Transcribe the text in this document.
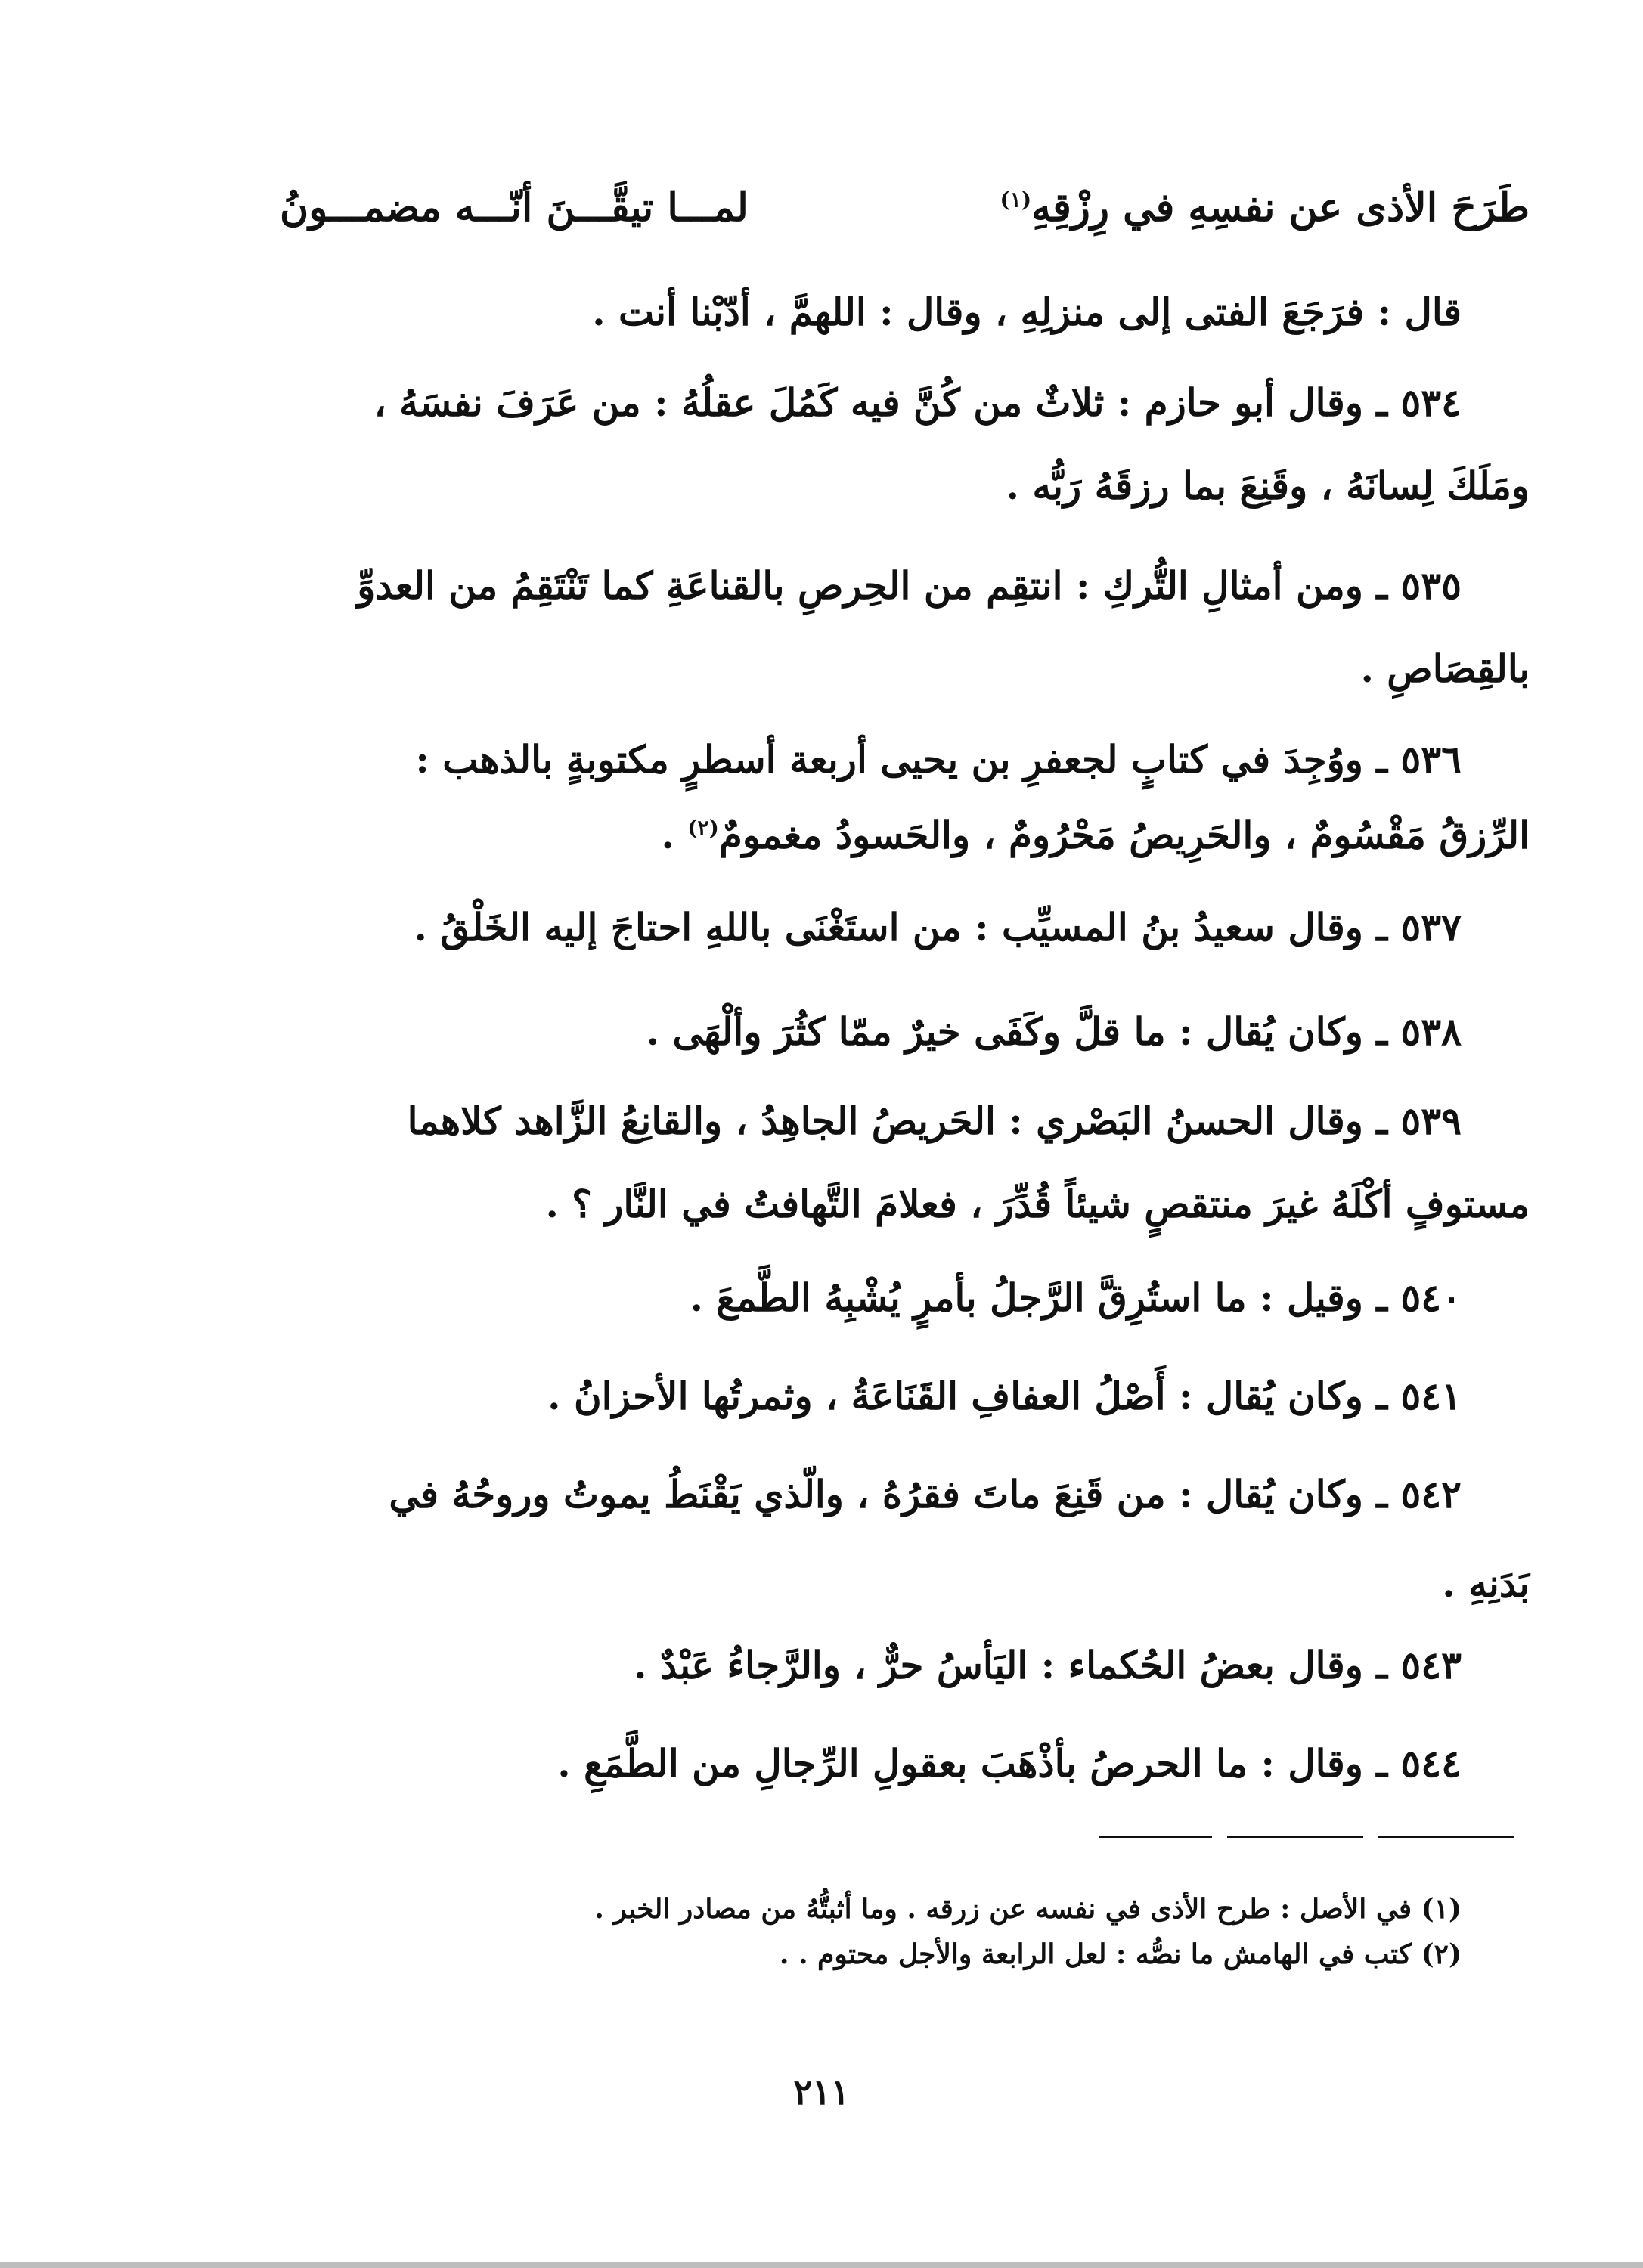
طَرَحَ الأذى عن نفسِهِ في رِزْقِهِ$^{(١)}$
لمـــا تيقَّـــنَ أنّـــه مضمـــونُ
قال : فرَجَعَ الفتى إلى منزلِهِ ، وقال : اللهمَّ ، أدّبْنا أنت .
٥٣٤ ـ وقال أبو حازم : ثلاثٌ من كُنَّ فيه كَمُلَ عقلُهُ : من عَرَفَ نفسَهُ ،
ومَلَكَ لِسانَهُ ، وقَنِعَ بما رزقَهُ رَبُّه .
٥٣٥ ـ ومن أمثالِ التُّركِ : انتقِم من الحِرصِ بالقناعَةِ كما تَنْتَقِمُ من العدوِّ
بالقِصَاصِ .
٥٣٦ ـ ووُجِدَ في كتابٍ لجعفرِ بن يحيى أربعة أسطرٍ مكتوبةٍ بالذهب :
الرِّزقُ مَقْسُومٌ ، والحَرِيصُ مَحْرُومٌ ، والحَسودُ مغمومٌ$^{(٢)}$ .
٥٣٧ ـ وقال سعيدُ بنُ المسيِّب : من استَغْنَى باللهِ احتاجَ إليه الخَلْقُ .
٥٣٨ ـ وكان يُقال : ما قلَّ وكَفَى خيرٌ ممّا كثُرَ وألْهَى .
٥٣٩ ـ وقال الحسنُ البَصْري : الحَريصُ الجاهِدُ ، والقانِعُ الزَّاهد كلاهما
مستوفٍ أكْلَهُ غيرَ منتقصٍ شيئاً قُدِّرَ ، فعلامَ التَّهافتُ في النَّار ؟ .
٥٤٠ ـ وقيل : ما استُرِقَّ الرَّجلُ بأمرٍ يُشْبِهُ الطَّمعَ .
٥٤١ ـ وكان يُقال : أَصْلُ العفافِ القَنَاعَةُ ، وثمرتُها الأحزانُ .
٥٤٢ ـ وكان يُقال : من قَنِعَ ماتَ فقرُهُ ، والّذي يَقْنَطُ يموتُ وروحُهُ في
بَدَنِهِ .
٥٤٣ ـ وقال بعضُ الحُكماء : اليَأسُ حرٌّ ، والرَّجاءُ عَبْدٌ .
٥٤٤ ـ وقال : ما الحرصُ بأذْهَبَ بعقولِ الرِّجالِ من الطَّمَعِ .
(١) في الأصل : طرح الأذى في نفسه عن زرقه . وما أثبتُّهُ من مصادر الخبر .
(٢) كتب في الهامش ما نصُّه : لعل الرابعة والأجل محتوم . .
٢١١
